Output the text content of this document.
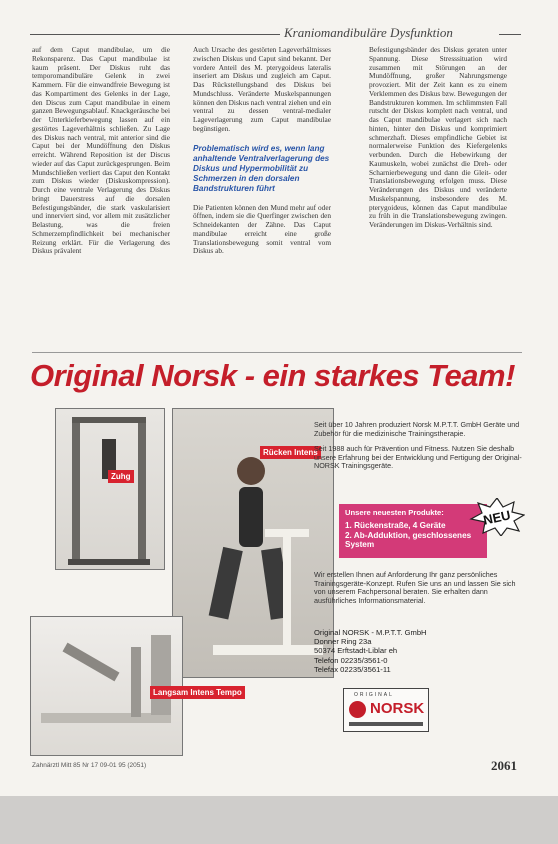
Kraniomandibuläre Dysfunktion

auf dem Caput mandibulae, um die Rekonsparenz. Das Caput mandibulae ist kaum präsent. Der Diskus ruht das temporomandibuläre Gelenk in zwei Kammern. Für die einwandfreie Bewegung ist das Kompartiment des Gelenks in der Lage, den Discus zum Caput mandibulae in einem ganzen Bewegungsablauf. Knackgeräusche bei der Unterkieferbewegung lassen auf ein gestörtes Lageverhältnis schließen. Zu Lage des Diskus nach ventral, mit anterior sind die Caput bei der Mundöffnung den Diskus erreicht. Während Reposition ist der Discus wieder auf das Caput zurückgesprungen. Beim Mundschließen verliert das Caput den Kontakt zum Diskus wieder (Diskuskompression). Durch eine ventrale Verlagerung des Diskus bringt Dauerstress auf die dorsalen Befestigungsbänder, die stark vaskularisiert und innerviert sind, vor allem mit zusätzlicher Belastung, was die freien Schmerzempfindlichkeit bei mechanischer Reizung erklärt. Für die Verlagerung des Diskus prävalent

Auch Ursache des gestörten Lageverhältnisses zwischen Diskus und Caput sind bekannt. Der vordere Anteil des M. pterygoideus lateralis inseriert am Diskus und zugleich am Caput. Das Rückstellungsband des Diskus bei Mundschluss. Veränderte Muskelspannungen können den Diskus nach ventral ziehen und ein ventral zu dessen ventral-medialer Lageverlagerung zum Caput mandibulae begünstigen.

Problematisch wird es, wenn lang anhaltende Ventralverlagerung des Diskus und Hypermobilität zu Schmerzen in den dorsalen Bandstrukturen führt

Die Patienten können den Mund mehr auf oder öffnen, indem sie die Querfinger zwischen den Schneidekanten der Zähne. Das Caput mandibulae erreicht eine große Translationsbewegung somit ventral vom Diskus ab.

Befestigungsbänder des Diskus geraten unter Spannung. Diese Stresssituation wird zusammen mit Störungen an der Mundöffnung, großer Nahrungsmenge provoziert. Mit der Zeit kann es zu einem Verklemmen des Diskus bzw. Bewegungen der Bandstrukturen kommen. Im schlimmsten Fall rutscht der Diskus komplett nach ventral, und das Caput mandibulae verlagert sich nach hinten, hinter den Diskus und komprimiert schmerzhaft. Dieses empfindliche Gebiet ist normalerweise Funktion des Kiefergelenks verbunden. Durch die Hebewirkung der Kaumuskeln, wobei zunächst die Dreh- oder Scharnierbewegung und dann die Gleit- oder Translationsbewegung erfolgen muss. Diese Veränderungen des Diskus und veränderte Muskelspannung, insbesondere des M. pterygoideus, können das Caput mandibulae zu früh in die Translationsbewegung zwingen. Veränderungen im Diskus-Verhältnis sind.

Original Norsk - ein starkes Team!
Zuhg
Rücken Intens
Langsam Intens Tempo

Seit über 10 Jahren produziert Norsk M.P.T.T. GmbH Geräte und Zubehör für die medizinische Trainingstherapie.

Seit 1988 auch für Prävention und Fitness. Nutzen Sie deshalb unsere Erfahrung bei der Entwicklung und Fertigung der Original-NORSK Trainingsgeräte.

Unsere neuesten Produkte:
1. Rückenstraße, 4 Geräte
2. Ab-Adduktion, geschlossenes System
NEU
Wir erstellen Ihnen auf Anforderung Ihr ganz persönliches Trainingsgeräte-Konzept. Rufen Sie uns an und lassen Sie sich von unserem Fachpersonal beraten. Sie erhalten dann ausführliches Informationsmaterial.
Original NORSK - M.P.T.T. GmbH
Donner Ring 23a
50374 Erftstadt-Liblar eh
Telefon 02235/3561-0
Telefax 02235/3561-11
ORIGINAL
NORSK
Zahnärztl Mitt 85 Nr 17 09-01 95 (2051)	2061
